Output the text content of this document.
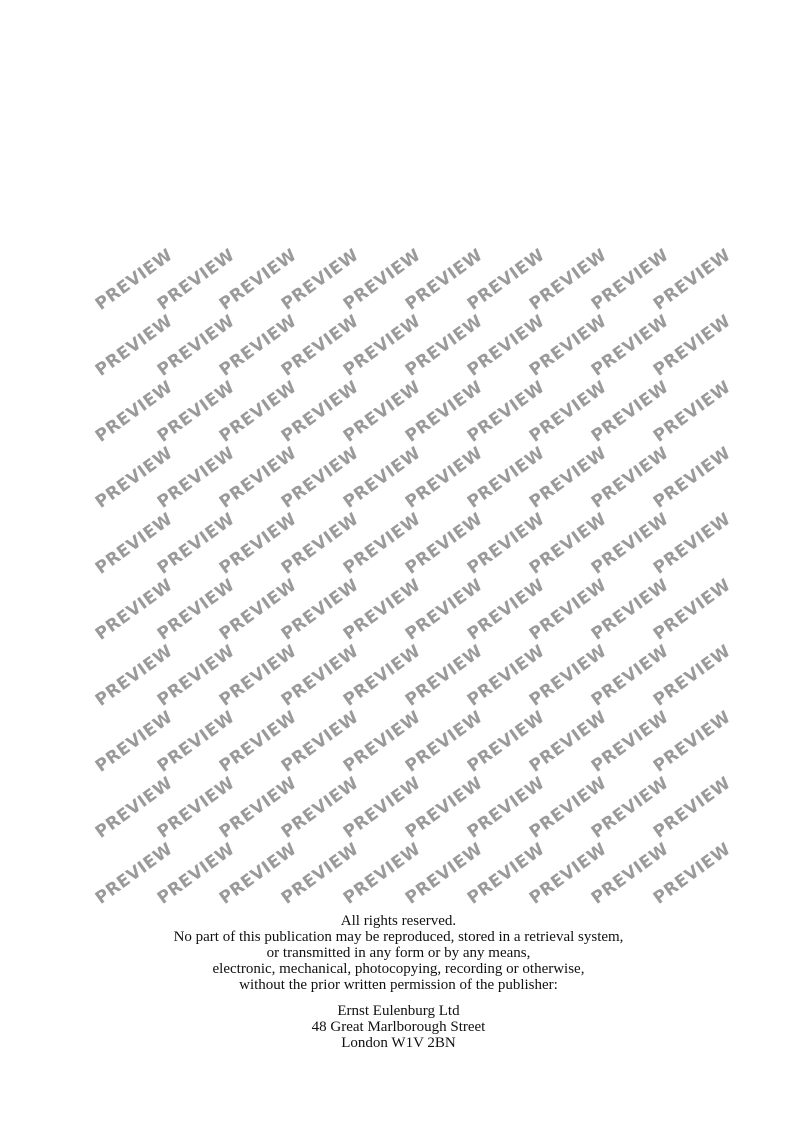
PREVIEW
PREVIEW
PREVIEW
PREVIEW
PREVIEW
PREVIEW
PREVIEW
PREVIEW
PREVIEW
PREVIEW
PREVIEW
PREVIEW
PREVIEW
PREVIEW
PREVIEW
PREVIEW
PREVIEW
PREVIEW
PREVIEW
PREVIEW
PREVIEW
PREVIEW
PREVIEW
PREVIEW
PREVIEW
PREVIEW
PREVIEW
PREVIEW
PREVIEW
PREVIEW
PREVIEW
PREVIEW
PREVIEW
PREVIEW
PREVIEW
PREVIEW
PREVIEW
PREVIEW
PREVIEW
PREVIEW
PREVIEW
PREVIEW
PREVIEW
PREVIEW
PREVIEW
PREVIEW
PREVIEW
PREVIEW
PREVIEW
PREVIEW
PREVIEW
PREVIEW
PREVIEW
PREVIEW
PREVIEW
PREVIEW
PREVIEW
PREVIEW
PREVIEW
PREVIEW
PREVIEW
PREVIEW
PREVIEW
PREVIEW
PREVIEW
PREVIEW
PREVIEW
PREVIEW
PREVIEW
PREVIEW
PREVIEW
PREVIEW
PREVIEW
PREVIEW
PREVIEW
PREVIEW
PREVIEW
PREVIEW
PREVIEW
PREVIEW
PREVIEW
PREVIEW
PREVIEW
PREVIEW
PREVIEW
PREVIEW
PREVIEW
PREVIEW
PREVIEW
PREVIEW
PREVIEW
PREVIEW
PREVIEW
PREVIEW
PREVIEW
PREVIEW
PREVIEW
PREVIEW
PREVIEW
PREVIEW
All rights reserved.
No part of this publication may be reproduced, stored in a retrieval system,
or transmitted in any form or by any means,
electronic, mechanical, photocopying, recording or otherwise,
without the prior written permission of the publisher:
Ernst Eulenburg Ltd
48 Great Marlborough Street
London W1V 2BN
